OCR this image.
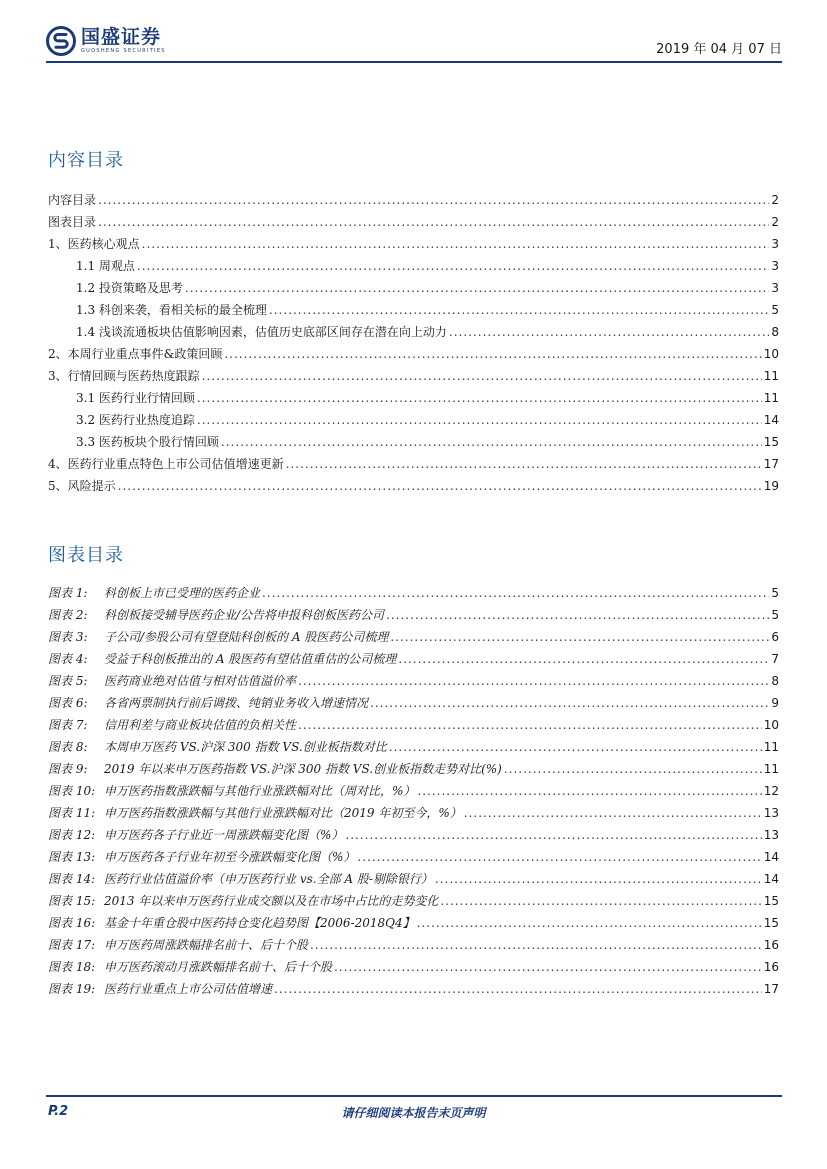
国盛证券
GUOSHENG SECURITIES	2019 年 04 月 07 日
内容目录
内容目录 .....	2
图表目录 .....	2
1、医药核心观点 .....	3
1.1 周观点 .....	3
1.2 投资策略及思考 .....	3
1.3 科创来袭，看相关标的最全梳理 .....	5
1.4 浅谈流通板块估值影响因素，估值历史底部区间存在潜在向上动力 .....	8
2、本周行业重点事件&政策回顾 .....	10
3、行情回顾与医药热度跟踪 .....	11
3.1 医药行业行情回顾 .....	11
3.2 医药行业热度追踪 .....	14
3.3 医药板块个股行情回顾 .....	15
4、医药行业重点特色上市公司估值增速更新 .....	17
5、风险提示 .....	19
图表目录
图表 1: 科创板上市已受理的医药企业 .....	5
图表 2: 科创板接受辅导医药企业/公告将申报科创板医药公司 .....	5
图表 3: 子公司/参股公司有望登陆科创板的 A 股医药公司梳理 .....	6
图表 4: 受益于科创板推出的 A 股医药有望估值重估的公司梳理 .....	7
图表 5: 医药商业绝对估值与相对估值溢价率 .....	8
图表 6: 各省两票制执行前后调拨、纯销业务收入增速情况 .....	9
图表 7: 信用利差与商业板块估值的负相关性 .....	10
图表 8: 本周申万医药 VS.沪深 300 指数 VS.创业板指数对比 .....	11
图表 9: 2019 年以来申万医药指数 VS.沪深 300 指数 VS.创业板指数走势对比(%) .....	11
图表 10: 申万医药指数涨跌幅与其他行业涨跌幅对比（周对比，%） .....	12
图表 11: 申万医药指数涨跌幅与其他行业涨跌幅对比（2019 年初至今，%） .....	13
图表 12: 申万医药各子行业近一周涨跌幅变化图（%） .....	13
图表 13: 申万医药各子行业年初至今涨跌幅变化图（%） .....	14
图表 14: 医药行业估值溢价率（申万医药行业 vs.全部 A 股-剔除银行） .....	14
图表 15: 2013 年以来申万医药行业成交额以及在市场中占比的走势变化 .....	15
图表 16: 基金十年重仓股中医药持仓变化趋势图【2006-2018Q4】 .....	15
图表 17: 申万医药周涨跌幅排名前十、后十个股 .....	16
图表 18: 申万医药滚动月涨跌幅排名前十、后十个股 .....	16
图表 19: 医药行业重点上市公司估值增速 .....	17
P.2	请仔细阅读本报告末页声明
